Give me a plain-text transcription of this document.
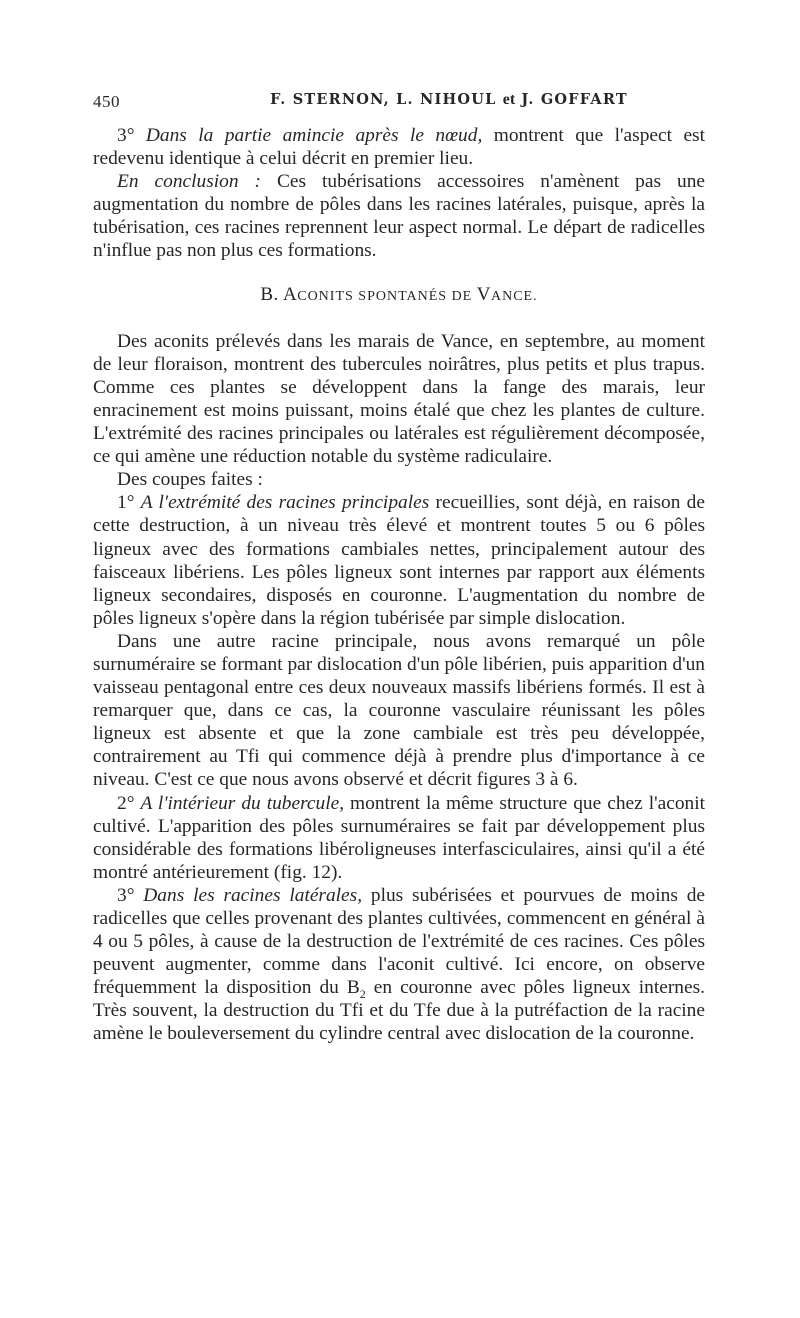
450	F. STERNON, L. NIHOUL et J. GOFFART

3° Dans la partie amincie après le nœud, montrent que l'aspect est redevenu identique à celui décrit en premier lieu.

En conclusion : Ces tubérisations accessoires n'amènent pas une augmentation du nombre de pôles dans les racines latérales, puisque, après la tubérisation, ces racines reprennent leur aspect normal. Le départ de radicelles n'influe pas non plus ces formations.

B. ACONITS SPONTANÉS DE VANCE.

Des aconits prélevés dans les marais de Vance, en septembre, au moment de leur floraison, montrent des tubercules noirâtres, plus petits et plus trapus. Comme ces plantes se développent dans la fange des marais, leur enracinement est moins puissant, moins étalé que chez les plantes de culture. L'extrémité des racines principales ou latérales est régulièrement décomposée, ce qui amène une réduction notable du système radiculaire.

Des coupes faites :

1° A l'extrémité des racines principales recueillies, sont déjà, en raison de cette destruction, à un niveau très élevé et montrent toutes 5 ou 6 pôles ligneux avec des formations cambiales nettes, principalement autour des faisceaux libériens. Les pôles ligneux sont internes par rapport aux éléments ligneux secondaires, disposés en couronne. L'augmentation du nombre de pôles ligneux s'opère dans la région tubérisée par simple dislocation.

Dans une autre racine principale, nous avons remarqué un pôle surnuméraire se formant par dislocation d'un pôle libérien, puis apparition d'un vaisseau pentagonal entre ces deux nouveaux massifs libériens formés. Il est à remarquer que, dans ce cas, la couronne vasculaire réunissant les pôles ligneux est absente et que la zone cambiale est très peu développée, contrairement au Tfi qui commence déjà à prendre plus d'importance à ce niveau. C'est ce que nous avons observé et décrit figures 3 à 6.

2° A l'intérieur du tubercule, montrent la même structure que chez l'aconit cultivé. L'apparition des pôles surnuméraires se fait par développement plus considérable des formations libéroligneuses interfasciculaires, ainsi qu'il a été montré antérieurement (fig. 12).

3° Dans les racines latérales, plus subérisées et pourvues de moins de radicelles que celles provenant des plantes cultivées, commencent en général à 4 ou 5 pôles, à cause de la destruction de l'extrémité de ces racines. Ces pôles peuvent augmenter, comme dans l'aconit cultivé. Ici encore, on observe fréquemment la disposition du $B_2$ en couronne avec pôles ligneux internes. Très souvent, la destruction du Tfi et du Tfe due à la putréfaction de la racine amène le bouleversement du cylindre central avec dislocation de la couronne.
